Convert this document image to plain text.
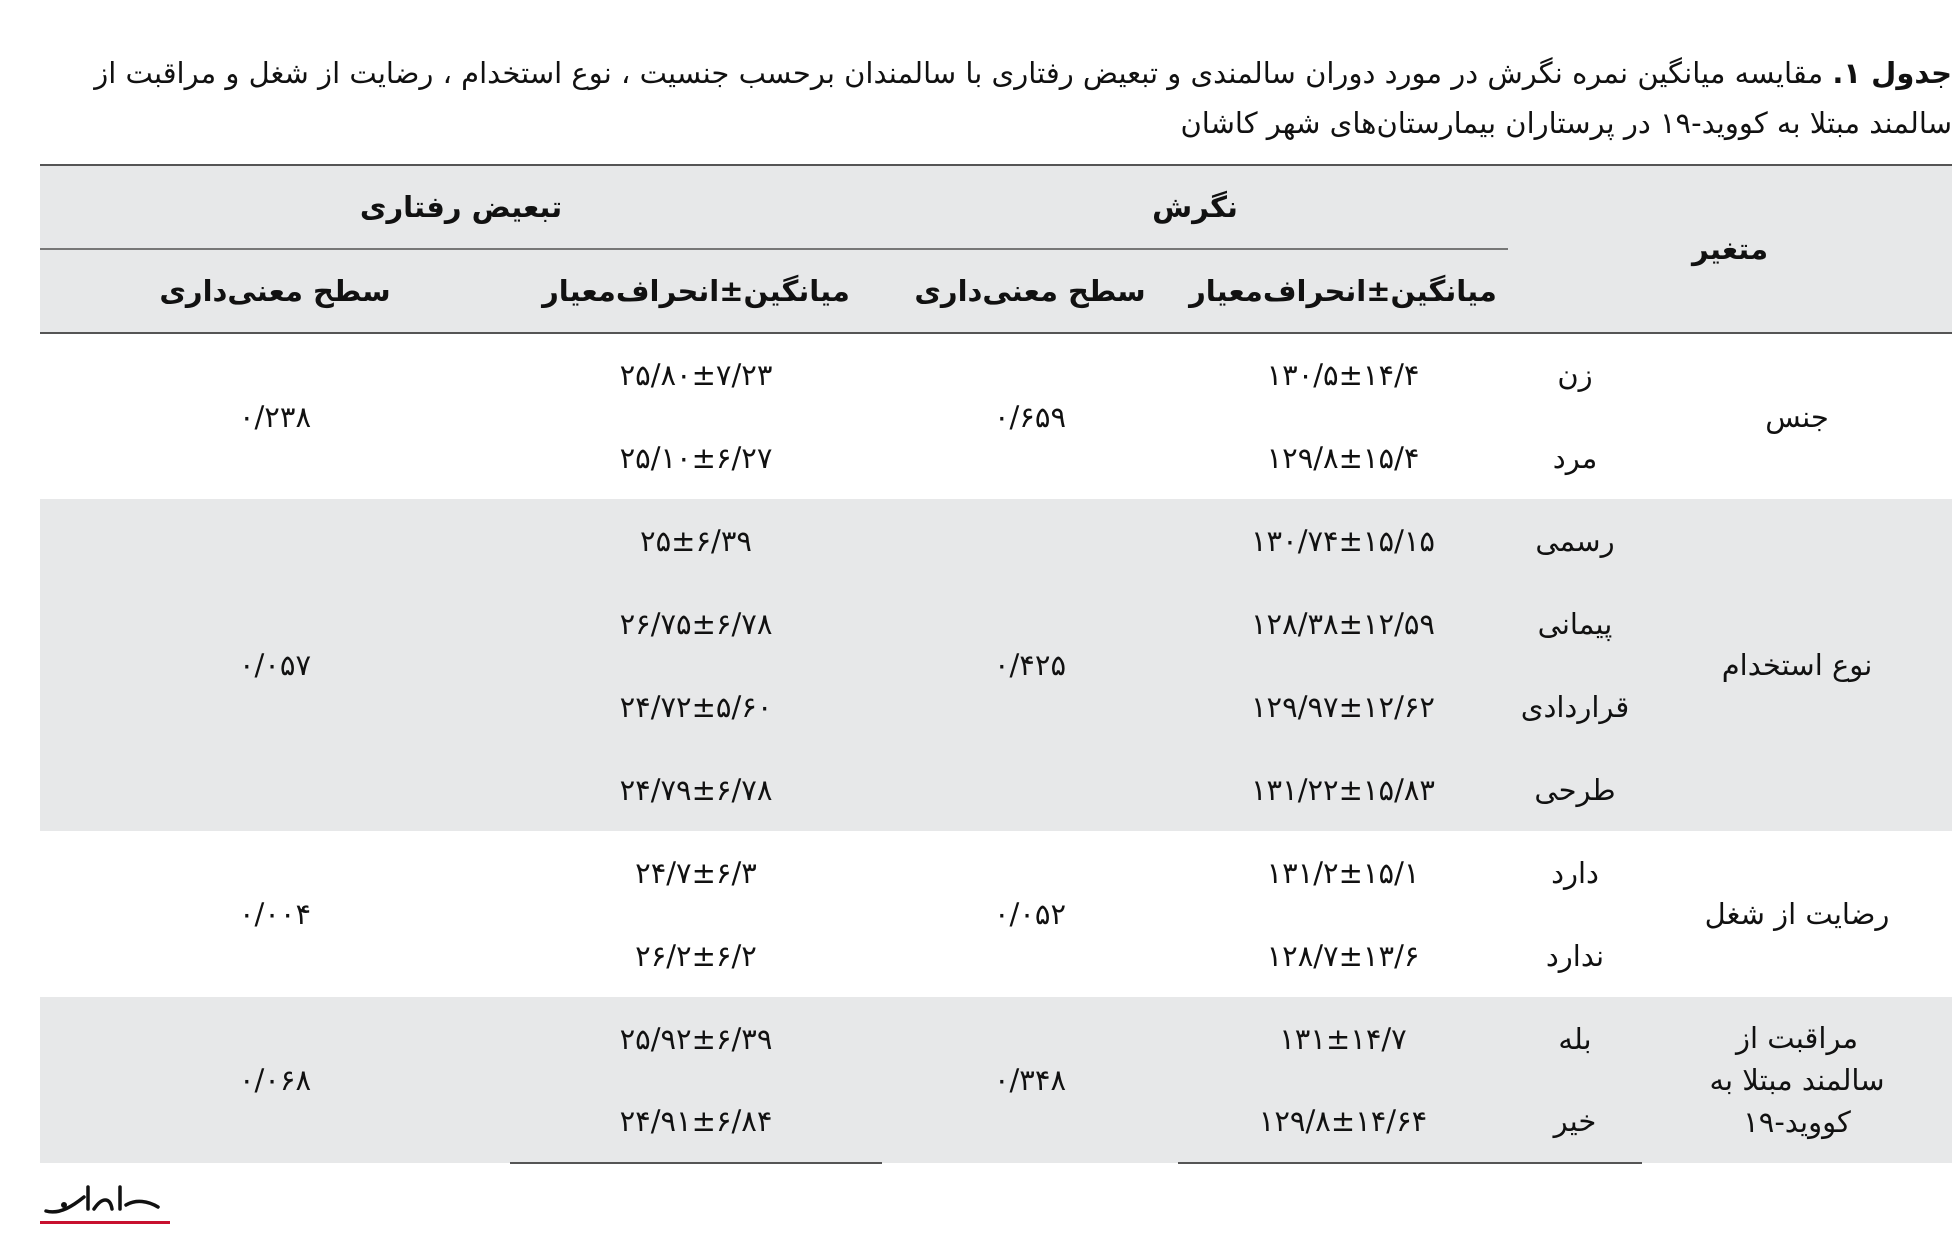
جدول ۱. مقایسه میانگین نمره نگرش در مورد دوران سالمندی و تبعیض رفتاری با سالمندان برحسب جنسیت ، نوع استخدام ، رضایت از شغل و مراقبت از سالمند مبتلا به کووید-۱۹ در پرستاران بیمارستان‌های شهر کاشان
متغیر		نگرش		تبعیض رفتاری	
		میانگین±انحراف‌معیار	سطح معنی‌داری	میانگین±انحراف‌معیار	سطح معنی‌داری
جنس	زن	۱۳۰/۵±۱۴/۴	۰/۶۵۹	۲۵/۸۰±۷/۲۳	۰/۲۳۸
	مرد	۱۲۹/۸±۱۵/۴		۲۵/۱۰±۶/۲۷	
نوع استخدام	رسمی	۱۳۰/۷۴±۱۵/۱۵	۰/۴۲۵	۲۵±۶/۳۹	۰/۰۵۷
	پیمانی	۱۲۸/۳۸±۱۲/۵۹		۲۶/۷۵±۶/۷۸	
	قراردادی	۱۲۹/۹۷±۱۲/۶۲		۲۴/۷۲±۵/۶۰	
	طرحی	۱۳۱/۲۲±۱۵/۸۳		۲۴/۷۹±۶/۷۸	
رضایت از شغل	دارد	۱۳۱/۲±۱۵/۱	۰/۰۵۲	۲۴/۷±۶/۳	۰/۰۰۴
	ندارد	۱۲۸/۷±۱۳/۶		۲۶/۲±۶/۲	
مراقبت از سالمند مبتلا به کووید-۱۹	بله	۱۳۱±۱۴/۷	۰/۳۴۸	۲۵/۹۲±۶/۳۹	۰/۰۶۸
	خیر	۱۲۹/۸±۱۴/۶۴		۲۴/۹۱±۶/۸۴	
